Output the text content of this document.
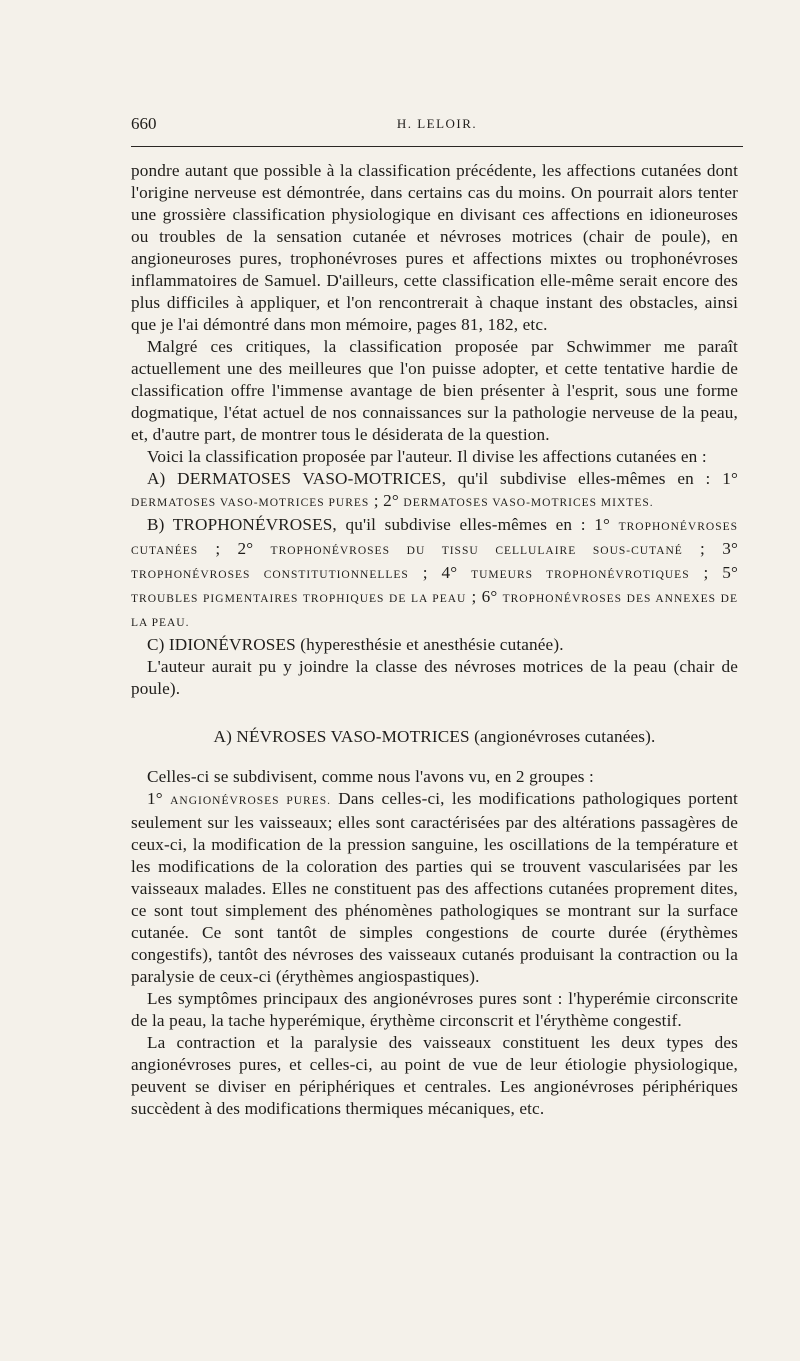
660	H. LELOIR.

pondre autant que possible à la classification précédente, les affections cutanées dont l'origine nerveuse est démontrée, dans certains cas du moins. On pourrait alors tenter une grossière classification physiologique en divisant ces affections en idioneuroses ou troubles de la sensation cutanée et névroses motrices (chair de poule), en angioneuroses pures, trophonévroses pures et affections mixtes ou trophonévroses inflammatoires de Samuel. D'ailleurs, cette classification elle-même serait encore des plus difficiles à appliquer, et l'on rencontrerait à chaque instant des obstacles, ainsi que je l'ai démontré dans mon mémoire, pages 81, 182, etc.

Malgré ces critiques, la classification proposée par Schwimmer me paraît actuellement une des meilleures que l'on puisse adopter, et cette tentative hardie de classification offre l'immense avantage de bien présenter à l'esprit, sous une forme dogmatique, l'état actuel de nos connaissances sur la pathologie nerveuse de la peau, et, d'autre part, de montrer tous le désiderata de la question.

Voici la classification proposée par l'auteur. Il divise les affections cutanées en :

A) DERMATOSES VASO-MOTRICES, qu'il subdivise elles-mêmes en : 1° DERMATOSES VASO-MOTRICES PURES ; 2° DERMATOSES VASO-MOTRICES MIXTES.

B) TROPHONÉVROSES, qu'il subdivise elles-mêmes en : 1° TROPHONÉVROSES CUTANÉES ; 2° TROPHONÉVROSES DU TISSU CELLULAIRE SOUS-CUTANÉ ; 3° TROPHONÉVROSES CONSTITUTIONNELLES ; 4° TUMEURS TROPHONÉVROTIQUES ; 5° TROUBLES PIGMENTAIRES TROPHIQUES DE LA PEAU ; 6° TROPHONÉVROSES DES ANNEXES DE LA PEAU.

C) IDIONÉVROSES (hyperesthésie et anesthésie cutanée).

L'auteur aurait pu y joindre la classe des névroses motrices de la peau (chair de poule).

A) NÉVROSES VASO-MOTRICES (angionévroses cutanées).

Celles-ci se subdivisent, comme nous l'avons vu, en 2 groupes :

1° ANGIONÉVROSES PURES. Dans celles-ci, les modifications pathologiques portent seulement sur les vaisseaux; elles sont caractérisées par des altérations passagères de ceux-ci, la modification de la pression sanguine, les oscillations de la température et les modifications de la coloration des parties qui se trouvent vascularisées par les vaisseaux malades. Elles ne constituent pas des affections cutanées proprement dites, ce sont tout simplement des phénomènes pathologiques se montrant sur la surface cutanée. Ce sont tantôt de simples congestions de courte durée (érythèmes congestifs), tantôt des névroses des vaisseaux cutanés produisant la contraction ou la paralysie de ceux-ci (érythèmes angiospastiques).

Les symptômes principaux des angionévroses pures sont : l'hyperémie circonscrite de la peau, la tache hyperémique, érythème circonscrit et l'érythème congestif.

La contraction et la paralysie des vaisseaux constituent les deux types des angionévroses pures, et celles-ci, au point de vue de leur étiologie physiologique, peuvent se diviser en périphériques et centrales. Les angionévroses périphériques succèdent à des modifications thermiques mécaniques, etc.
